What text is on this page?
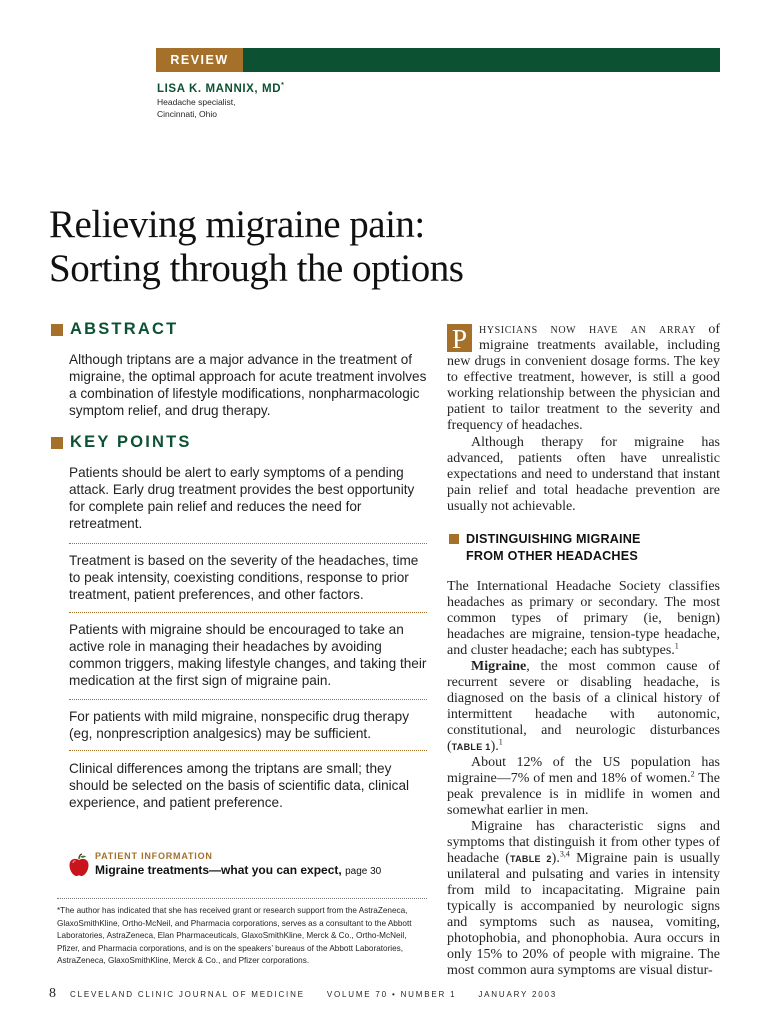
REVIEW
LISA K. MANNIX, MD*
Headache specialist,
Cincinnati, Ohio
Relieving migraine pain:
Sorting through the options
ABSTRACT

Although triptans are a major advance in the treatment of migraine, the optimal approach for acute treatment involves a combination of lifestyle modifications, nonpharmacologic symptom relief, and drug therapy.

KEY POINTS

Patients should be alert to early symptoms of a pending attack. Early drug treatment provides the best opportunity for complete pain relief and reduces the need for retreatment.

Treatment is based on the severity of the headaches, time to peak intensity, coexisting conditions, response to prior treatment, patient preferences, and other factors.

Patients with migraine should be encouraged to take an active role in managing their headaches by avoiding common triggers, making lifestyle changes, and taking their medication at the first sign of migraine pain.

For patients with mild migraine, nonspecific drug therapy (eg, nonprescription analgesics) may be sufficient.

Clinical differences among the triptans are small; they should be selected on the basis of scientific data, clinical experience, and patient preference.

PATIENT INFORMATION
Migraine treatments—what you can expect, page 30

*The author has indicated that she has received grant or research support from the AstraZeneca, GlaxoSmithKline, Ortho-McNeil, and Pharmacia corporations, serves as a consultant to the Abbott Laboratories, AstraZeneca, Elan Pharmaceuticals, GlaxoSmithKline, Merck & Co., Ortho-McNeil, Pfizer, and Pharmacia corporations, and is on the speakers’ bureaus of the Abbott Laboratories, AstraZeneca, GlaxoSmithKline, Merck & Co., and Pfizer corporations.

P hysicians now have an array of migraine treatments available, including new drugs in convenient dosage forms. The key to effective treatment, however, is still a good working relationship between the physician and patient to tailor treatment to the severity and frequency of headaches.

Although therapy for migraine has advanced, patients often have unrealistic expectations and need to understand that instant pain relief and total headache prevention are usually not achievable.

DISTINGUISHING MIGRAINE
FROM OTHER HEADACHES

The International Headache Society classifies headaches as primary or secondary. The most common types of primary (ie, benign) headaches are migraine, tension-type headache, and cluster headache; each has subtypes.$^1$

Migraine, the most common cause of recurrent severe or disabling headache, is diagnosed on the basis of a clinical history of intermittent headache with autonomic, constitutional, and neurologic disturbances (TABLE 1).$^1$

About 12% of the US population has migraine—7% of men and 18% of women.$^2$ The peak prevalence is in midlife in women and somewhat earlier in men.

Migraine has characteristic signs and symptoms that distinguish it from other types of headache (TABLE 2).$^{3,4}$ Migraine pain is usually unilateral and pulsating and varies in intensity from mild to incapacitating. Migraine pain typically is accompanied by neurologic signs and symptoms such as nausea, vomiting, photophobia, and phonophobia. Aura occurs in only 15% to 20% of people with migraine. The most common aura symptoms are visual distur-

8 CLEVELAND CLINIC JOURNAL OF MEDICINE	VOLUME 70 • NUMBER 1	JANUARY 2003
